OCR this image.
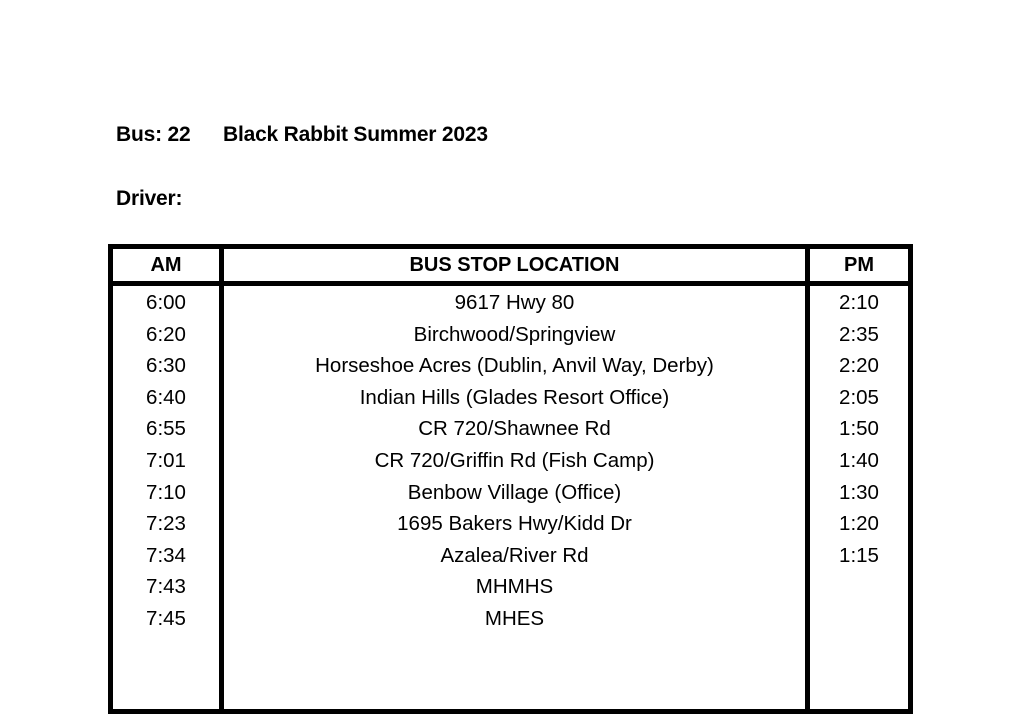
Bus: 22 Black Rabbit Summer 2023
Driver:
AM	BUS STOP LOCATION	PM
6:00	9617 Hwy 80	2:10
6:20	Birchwood/Springview	2:35
6:30	Horseshoe Acres (Dublin, Anvil Way, Derby)	2:20
6:40	Indian Hills (Glades Resort Office)	2:05
6:55	CR 720/Shawnee Rd	1:50
7:01	CR 720/Griffin Rd (Fish Camp)	1:40
7:10	Benbow Village (Office)	1:30
7:23	1695 Bakers Hwy/Kidd Dr	1:20
7:34	Azalea/River Rd	1:15
7:43	MHMHS
7:45	MHES
